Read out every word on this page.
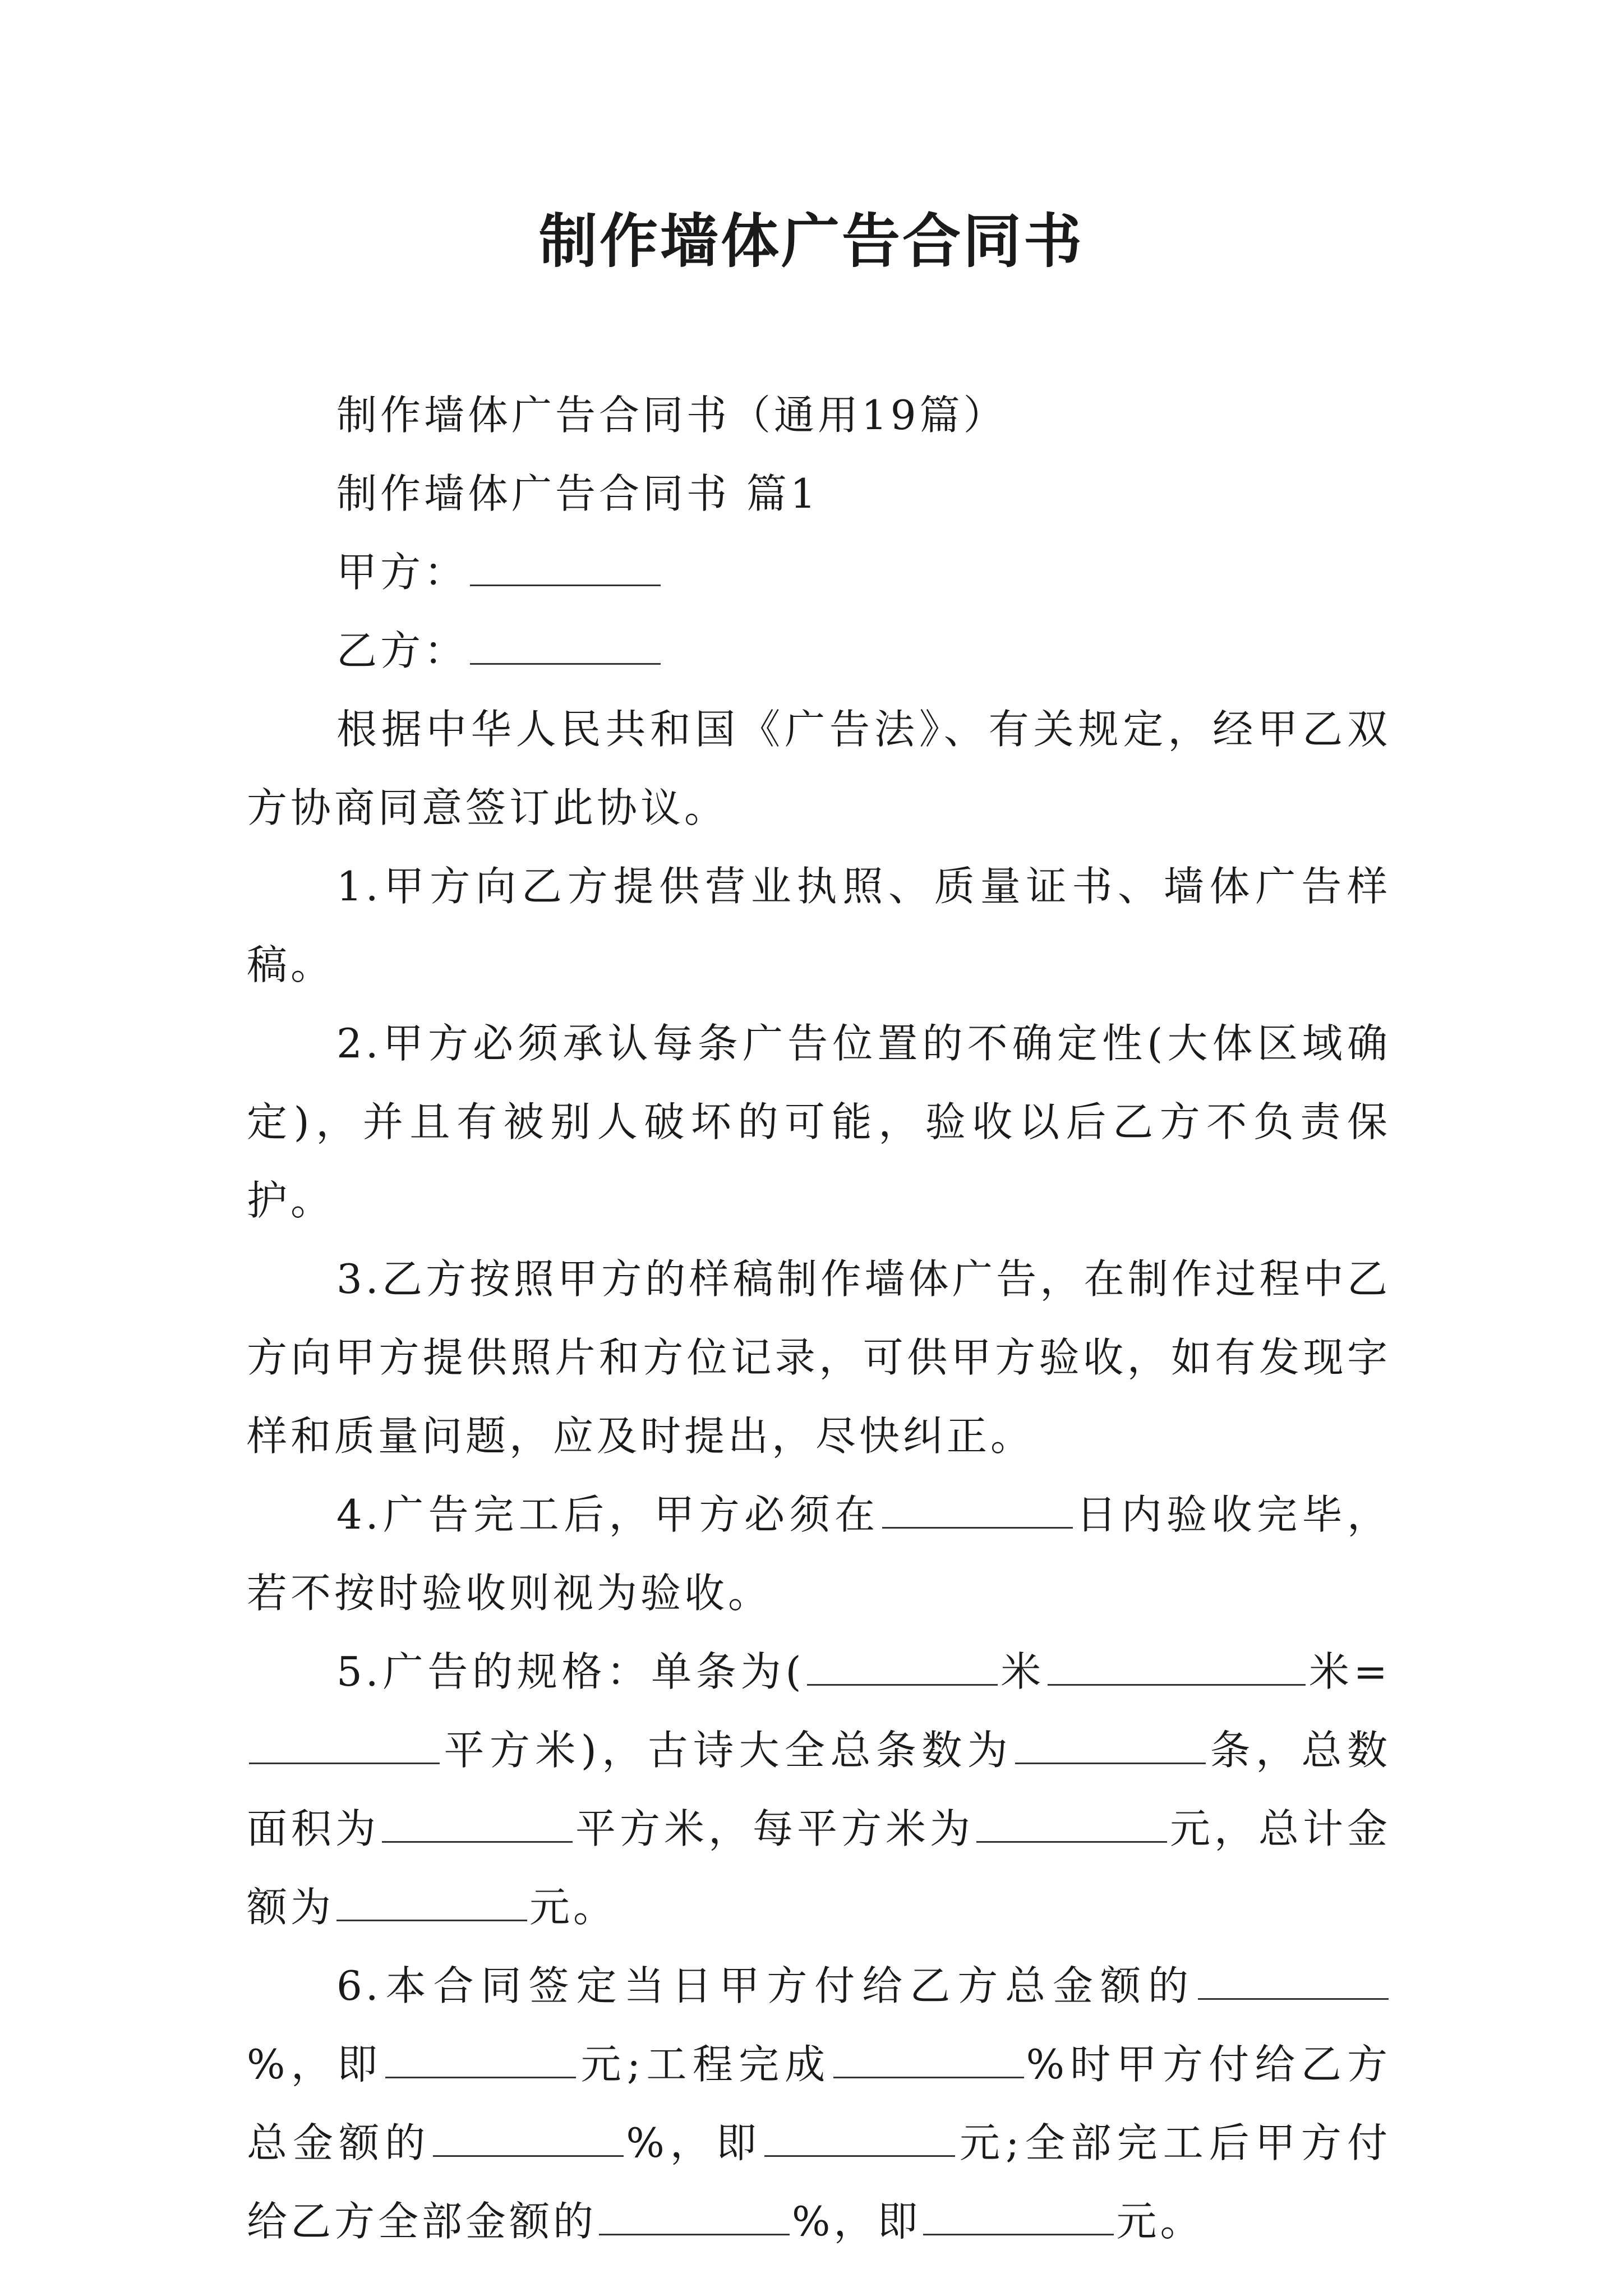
制作墙体广告合同书

制作墙体广告合同书（通用19篇）

制作墙体广告合同书 篇1

甲方：

乙方：

根据中华人民共和国《广告法》、有关规定，经甲乙双方协商同意签订此协议。

1.甲方向乙方提供营业执照、质量证书、墙体广告样稿。

2.甲方必须承认每条广告位置的不确定性(大体区域确定)，并且有被别人破坏的可能，验收以后乙方不负责保护。

3.乙方按照甲方的样稿制作墙体广告，在制作过程中乙方向甲方提供照片和方位记录，可供甲方验收，如有发现字样和质量问题，应及时提出，尽快纠正。

4.广告完工后，甲方必须在	日内验收完毕，若不按时验收则视为验收。

5.广告的规格：单条为(	米	米=平方米)，古诗大全总条数为	条，总数面积为	平方米，每平方米为	元，总计金额为	元。

6.本合同签定当日甲方付给乙方总金额的%，即	元;工程完成	%时甲方付给乙方总金额的	%，即	元;全部完工后甲方付给乙方全部金额的	%，即	元。
